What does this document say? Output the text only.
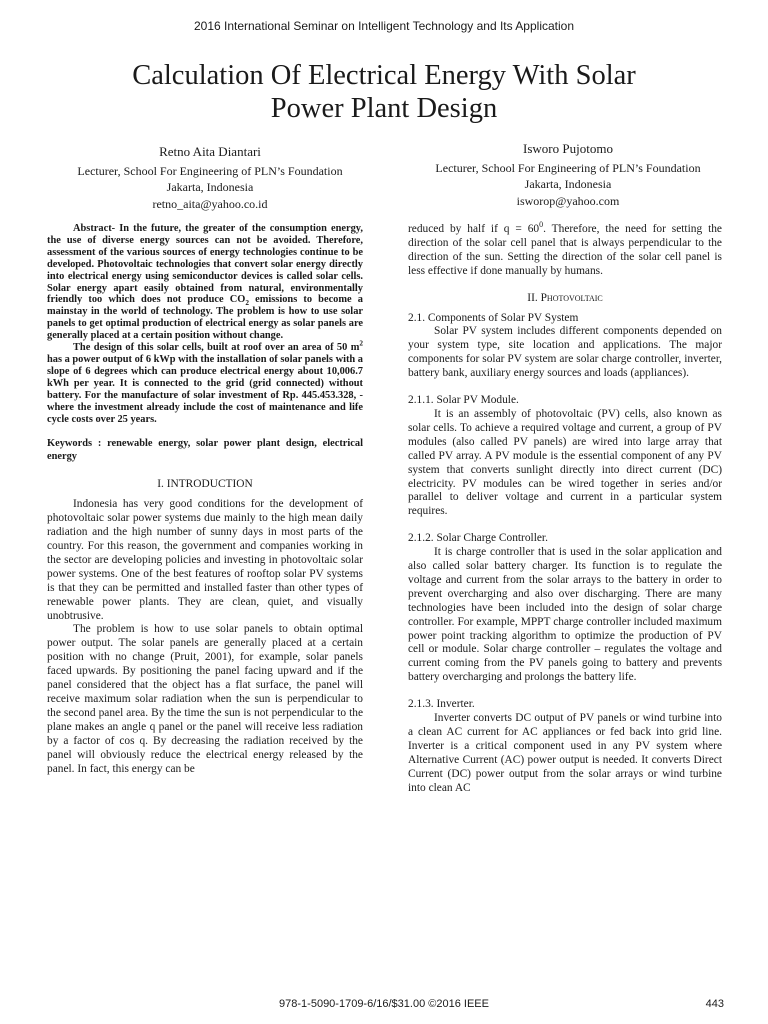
2016 International Seminar on Intelligent Technology and Its Application
Calculation Of Electrical Energy With Solar
Power Plant Design
Retno Aita Diantari
Lecturer, School For Engineering of PLN’s Foundation
Jakarta, Indonesia
retno_aita@yahoo.co.id
Isworo Pujotomo
Lecturer, School For Engineering of PLN’s Foundation
Jakarta, Indonesia
isworop@yahoo.com

Abstract- In the future, the greater of the consumption energy, the use of diverse energy sources can not be avoided. Therefore, assessment of the various sources of energy technologies continue to be developed. Photovoltaic technologies that convert solar energy directly into electrical energy using semiconductor devices is called solar cells. Solar energy apart easily obtained from natural, environmentally friendly too which does not produce $CO_2$ emissions to become a mainstay in the world of technology. The problem is how to use solar panels to get optimal production of electrical energy as solar panels are generally placed at a certain position without change.

The design of this solar cells, built at roof over an area of 50 $m^2$ has a power output of 6 kWp with the installation of solar panels with a slope of 6 degrees which can produce electrical energy about 10,006.7 kWh per year. It is connected to the grid (grid connected) without battery. For the manufacture of solar investment of Rp. 445.453.328, - where the investment already include the cost of maintenance and life cycle costs over 25 years.

Keywords : renewable energy, solar power plant design, electrical energy

I. INTRODUCTION

Indonesia has very good conditions for the development of photovoltaic solar power systems due mainly to the high mean daily radiation and the high number of sunny days in most parts of the country. For this reason, the government and companies working in the sector are developing policies and investing in photovoltaic solar power systems. One of the best features of rooftop solar PV systems is that they can be permitted and installed faster than other types of renewable power plants. They are clean, quiet, and visually unobtrusive.

The problem is how to use solar panels to obtain optimal power output. The solar panels are generally placed at a certain position with no change (Pruit, 2001), for example, solar panels faced upwards. By positioning the panel facing upward and if the panel considered that the object has a flat surface, the panel will receive maximum solar radiation when the sun is perpendicular to the second panel area. By the time the sun is not perpendicular to the plane makes an angle q panel or the panel will receive less radiation by a factor of cos q. By decreasing the radiation received by the panel will obviously reduce the electrical energy released by the panel. In fact, this energy can be

reduced by half if $q = 60^0$. Therefore, the need for setting the direction of the solar cell panel that is always perpendicular to the direction of the sun. Setting the direction of the solar cell panel is less effective if done manually by humans.

II. Photovoltaic

2.1. Components of Solar PV System

Solar PV system includes different components depended on your system type, site location and applications. The major components for solar PV system are solar charge controller, inverter, battery bank, auxiliary energy sources and loads (appliances).

2.1.1. Solar PV Module.

It is an assembly of photovoltaic (PV) cells, also known as solar cells. To achieve a required voltage and current, a group of PV modules (also called PV panels) are wired into large array that called PV array. A PV module is the essential component of any PV system that converts sunlight directly into direct current (DC) electricity. PV modules can be wired together in series and/or parallel to deliver voltage and current in a particular system requires.

2.1.2. Solar Charge Controller.

It is charge controller that is used in the solar application and also called solar battery charger. Its function is to regulate the voltage and current from the solar arrays to the battery in order to prevent overcharging and also over discharging. There are many technologies have been included into the design of solar charge controller. For example, MPPT charge controller included maximum power point tracking algorithm to optimize the production of PV cell or module. Solar charge controller – regulates the voltage and current coming from the PV panels going to battery and prevents battery overcharging and prolongs the battery life.

2.1.3. Inverter.

Inverter converts DC output of PV panels or wind turbine into a clean AC current for AC appliances or fed back into grid line. Inverter is a critical component used in any PV system where Alternative Current (AC) power output is needed. It converts Direct Current (DC) power output from the solar arrays or wind turbine into clean AC

978-1-5090-1709-6/16/$31.00 ©2016 IEEE	443
